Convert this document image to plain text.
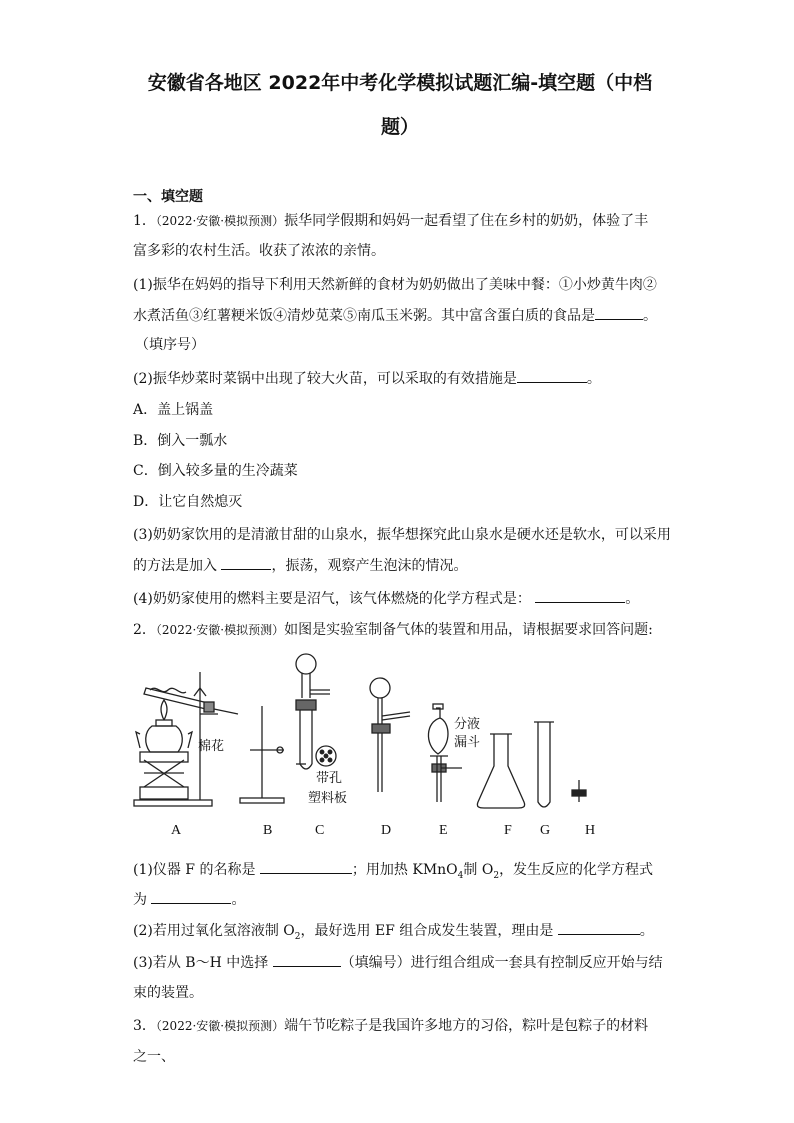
安徽省各地区 2022年中考化学模拟试题汇编-填空题（中档
题）
一、填空题
1．（2022·安徽·模拟预测）振华同学假期和妈妈一起看望了住在乡村的奶奶，体验了丰
富多彩的农村生活。收获了浓浓的亲情。
(1)振华在妈妈的指导下利用天然新鲜的食材为奶奶做出了美味中餐：①小炒黄牛肉②
水煮活鱼③红薯粳米饭④清炒苋菜⑤南瓜玉米粥。其中富含蛋白质的食品是	。
（填序号）
(2)振华炒菜时菜锅中出现了较大火苗，可以采取的有效措施是	。
A．盖上锅盖
B．倒入一瓢水
C．倒入较多量的生冷蔬菜
D．让它自然熄灭
(3)奶奶家饮用的是清澈甘甜的山泉水，振华想探究此山泉水是硬水还是软水，可以采用
的方法是加入	，振荡，观察产生泡沫的情况。
(4)奶奶家使用的燃料主要是沼气，该气体燃烧的化学方程式是：	。
2．（2022·安徽·模拟预测）如图是实验室制备气体的装置和用品，请根据要求回答问题:
棉花
带孔
塑料板
分液
漏斗
A	B	C	D	E	F G H
(1)仪器 F 的名称是	；用加热 KMnO$_4$制 $O_2$，发生反应的化学方程式
为	。
(2)若用过氧化氢溶液制 $O_2$，最好选用 EF 组合成发生装置，理由是	。
(3)若从 B～H 中选择	（填编号）进行组合组成一套具有控制反应开始与结
束的装置。
3．（2022·安徽·模拟预测）端午节吃粽子是我国许多地方的习俗，粽叶是包粽子的材料
之一、
